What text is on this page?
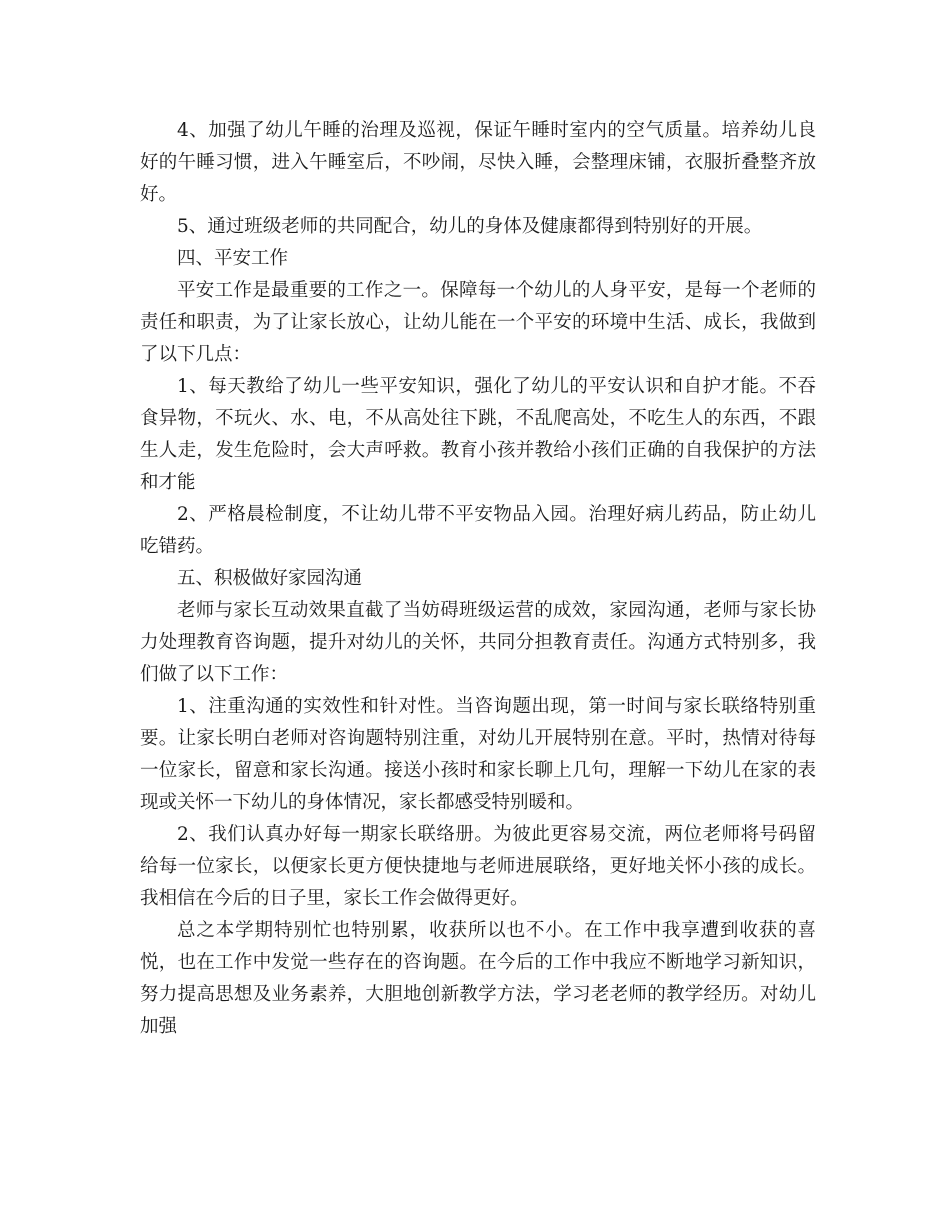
4、加强了幼儿午睡的治理及巡视，保证午睡时室内的空气质量。培养幼儿良好的午睡习惯，进入午睡室后，不吵闹，尽快入睡，会整理床铺，衣服折叠整齐放好。

5、通过班级老师的共同配合，幼儿的身体及健康都得到特别好的开展。

四、平安工作

平安工作是最重要的工作之一。保障每一个幼儿的人身平安，是每一个老师的责任和职责，为了让家长放心，让幼儿能在一个平安的环境中生活、成长，我做到了以下几点：

1、每天教给了幼儿一些平安知识，强化了幼儿的平安认识和自护才能。不吞食异物，不玩火、水、电，不从高处往下跳，不乱爬高处，不吃生人的东西，不跟生人走，发生危险时，会大声呼救。教育小孩并教给小孩们正确的自我保护的方法和才能

2、严格晨检制度，不让幼儿带不平安物品入园。治理好病儿药品，防止幼儿吃错药。

五、积极做好家园沟通

老师与家长互动效果直截了当妨碍班级运营的成效，家园沟通，老师与家长协力处理教育咨询题，提升对幼儿的关怀，共同分担教育责任。沟通方式特别多，我们做了以下工作：

1、注重沟通的实效性和针对性。当咨询题出现，第一时间与家长联络特别重要。让家长明白老师对咨询题特别注重，对幼儿开展特别在意。平时，热情对待每一位家长，留意和家长沟通。接送小孩时和家长聊上几句，理解一下幼儿在家的表现或关怀一下幼儿的身体情况，家长都感受特别暖和。

2、我们认真办好每一期家长联络册。为彼此更容易交流，两位老师将号码留给每一位家长，以便家长更方便快捷地与老师进展联络，更好地关怀小孩的成长。我相信在今后的日子里，家长工作会做得更好。

总之本学期特别忙也特别累，收获所以也不小。在工作中我享遭到收获的喜悦，也在工作中发觉一些存在的咨询题。在今后的工作中我应不断地学习新知识，努力提高思想及业务素养，大胆地创新教学方法，学习老老师的教学经历。对幼儿加强
